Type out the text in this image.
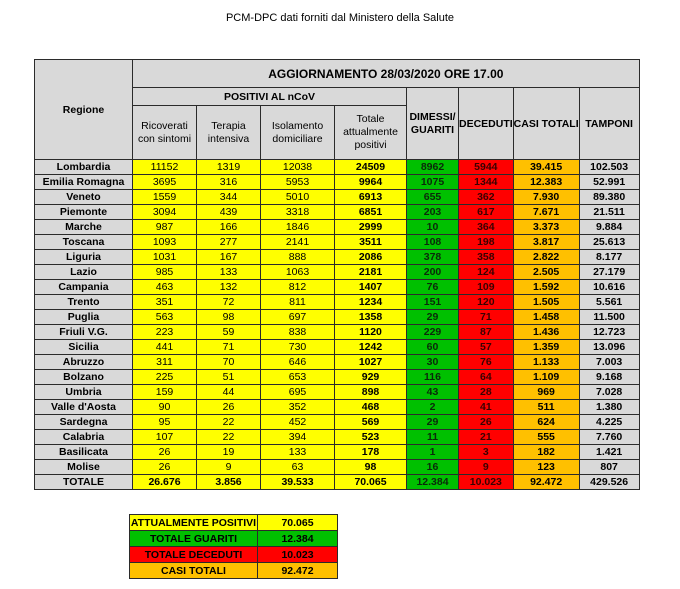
PCM-DPC dati forniti dal Ministero della Salute
Regione	AGGIORNAMENTO 28/03/2020 ORE 17.00							
	POSITIVI AL nCoV				DIMESSI/ GUARITI	DECEDUTI	CASI TOTALI	TAMPONI
	Ricoverati con sintomi	Terapia intensiva	Isolamento domiciliare	Totale attualmente positivi				
Lombardia	11152	1319	12038	24509	8962	5944	39.415	102.503
Emilia Romagna	3695	316	5953	9964	1075	1344	12.383	52.991
Veneto	1559	344	5010	6913	655	362	7.930	89.380
Piemonte	3094	439	3318	6851	203	617	7.671	21.511
Marche	987	166	1846	2999	10	364	3.373	9.884
Toscana	1093	277	2141	3511	108	198	3.817	25.613
Liguria	1031	167	888	2086	378	358	2.822	8.177
Lazio	985	133	1063	2181	200	124	2.505	27.179
Campania	463	132	812	1407	76	109	1.592	10.616
Trento	351	72	811	1234	151	120	1.505	5.561
Puglia	563	98	697	1358	29	71	1.458	11.500
Friuli V.G.	223	59	838	1120	229	87	1.436	12.723
Sicilia	441	71	730	1242	60	57	1.359	13.096
Abruzzo	311	70	646	1027	30	76	1.133	7.003
Bolzano	225	51	653	929	116	64	1.109	9.168
Umbria	159	44	695	898	43	28	969	7.028
Valle d'Aosta	90	26	352	468	2	41	511	1.380
Sardegna	95	22	452	569	29	26	624	4.225
Calabria	107	22	394	523	11	21	555	7.760
Basilicata	26	19	133	178	1	3	182	1.421
Molise	26	9	63	98	16	9	123	807
TOTALE	26.676	3.856	39.533	70.065	12.384	10.023	92.472	429.526
ATTUALMENTE POSITIVI	70.065
TOTALE GUARITI	12.384
TOTALE DECEDUTI	10.023
CASI TOTALI	92.472
